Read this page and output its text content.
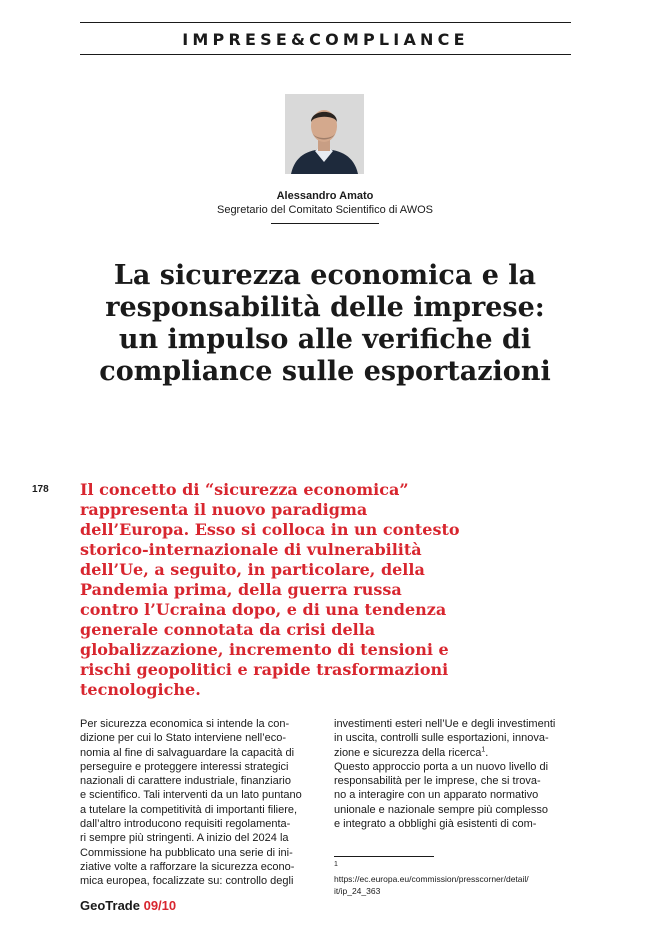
IMPRESE&COMPLIANCE
Alessandro Amato
Segretario del Comitato Scientifico di AWOS
La sicurezza economica e la
responsabilità delle imprese:
un impulso alle verifiche di
compliance sulle esportazioni
178 Il concetto di “sicurezza economica”
rappresenta il nuovo paradigma
dell’Europa. Esso si colloca in un contesto
storico-internazionale di vulnerabilità
dell’Ue, a seguito, in particolare, della
Pandemia prima, della guerra russa
contro l’Ucraina dopo, e di una tendenza
generale connotata da crisi della
globalizzazione, incremento di tensioni e
rischi geopolitici e rapide trasformazioni
tecnologiche.
Per sicurezza economica si intende la con-
dizione per cui lo Stato interviene nell’eco-
nomia al fine di salvaguardare la capacità di
perseguire e proteggere interessi strategici
nazionali di carattere industriale, finanziario
e scientifico. Tali interventi da un lato puntano
a tutelare la competitività di importanti filiere,
dall’altro introducono requisiti regolamenta-
ri sempre più stringenti. A inizio del 2024 la
Commissione ha pubblicato una serie di ini-
ziative volte a rafforzare la sicurezza econo-
mica europea, focalizzate su: controllo degli
investimenti esteri nell’Ue e degli investimenti
in uscita, controlli sulle esportazioni, innova-
zione e sicurezza della ricerca$^1$.
Questo approccio porta a un nuovo livello di
responsabilità per le imprese, che si trova-
no a interagire con un apparato normativo
unionale e nazionale sempre più complesso
e integrato a obblighi già esistenti di com-
$^1$
https://ec.europa.eu/commission/presscorner/detail/
it/ip_24_363
GeoTrade 09/10
